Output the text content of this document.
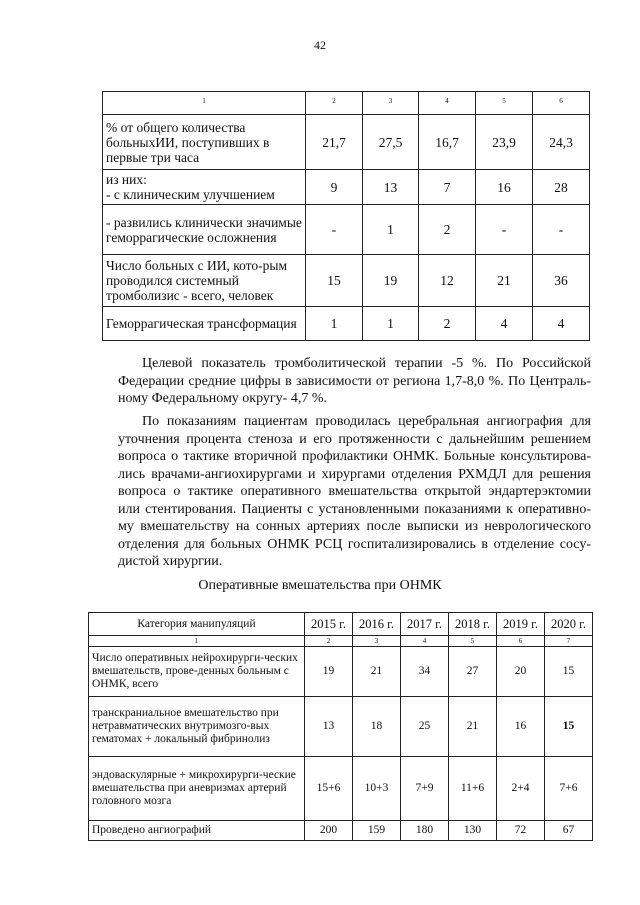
42
1	2	3	4	5	6
% от общего количества больныхИИ, поступивших в первые три часа	21,7	27,5	16,7	23,9	24,3
из них:
- с клиническим улучшением	9	13	7	16	28
- развились клинически значимые геморрагические осложнения	-	1	2	-	-
Число больных с ИИ, кото-рым проводился системный тромболизис - всего, человек	15	19	12	21	36
Геморрагическая трансформация	1	1	2	4	4

Целевой показатель тромболитической терапии -5 %. По Российской Федерации средние цифры в зависимости от региона 1,7-8,0 %. По Централь-ному Федеральному округу- 4,7 %.

По показаниям пациентам проводилась церебральная ангиография для уточнения процента стеноза и его протяженности с дальнейшим решением вопроса о тактике вторичной профилактики ОНМК. Больные консультирова-лись врачами-ангиохирургами и хирургами отделения РХМДЛ для решения вопроса о тактике оперативного вмешательства открытой эндартерэктомии или стентирования. Пациенты с установленными показаниями к оперативно-му вмешательству на сонных артериях после выписки из неврологического отделения для больных ОНМК РСЦ госпитализировались в отделение сосу-дистой хирургии.

Оперативные вмешательства при ОНМК
Категория манипуляций	2015 г.	2016 г.	2017 г.	2018 г.	2019 г.	2020 г.
1	2	3	4	5	6	7
Число оперативных нейрохирурги-ческих вмешательств, прове-денных больным с ОНМК, всего	19	21	34	27	20	15
транскраниальное вмешательство при нетравматических внутримозго-вых гематомах + локальный фибринолиз	13	18	25	21	16	15
эндоваскулярные + микрохирурги-ческие
вмешательства при аневризмах артерий головного мозга	15+6	10+3	7+9	11+6	2+4	7+6
Проведено ангиографий	200	159	180	130	72	67
